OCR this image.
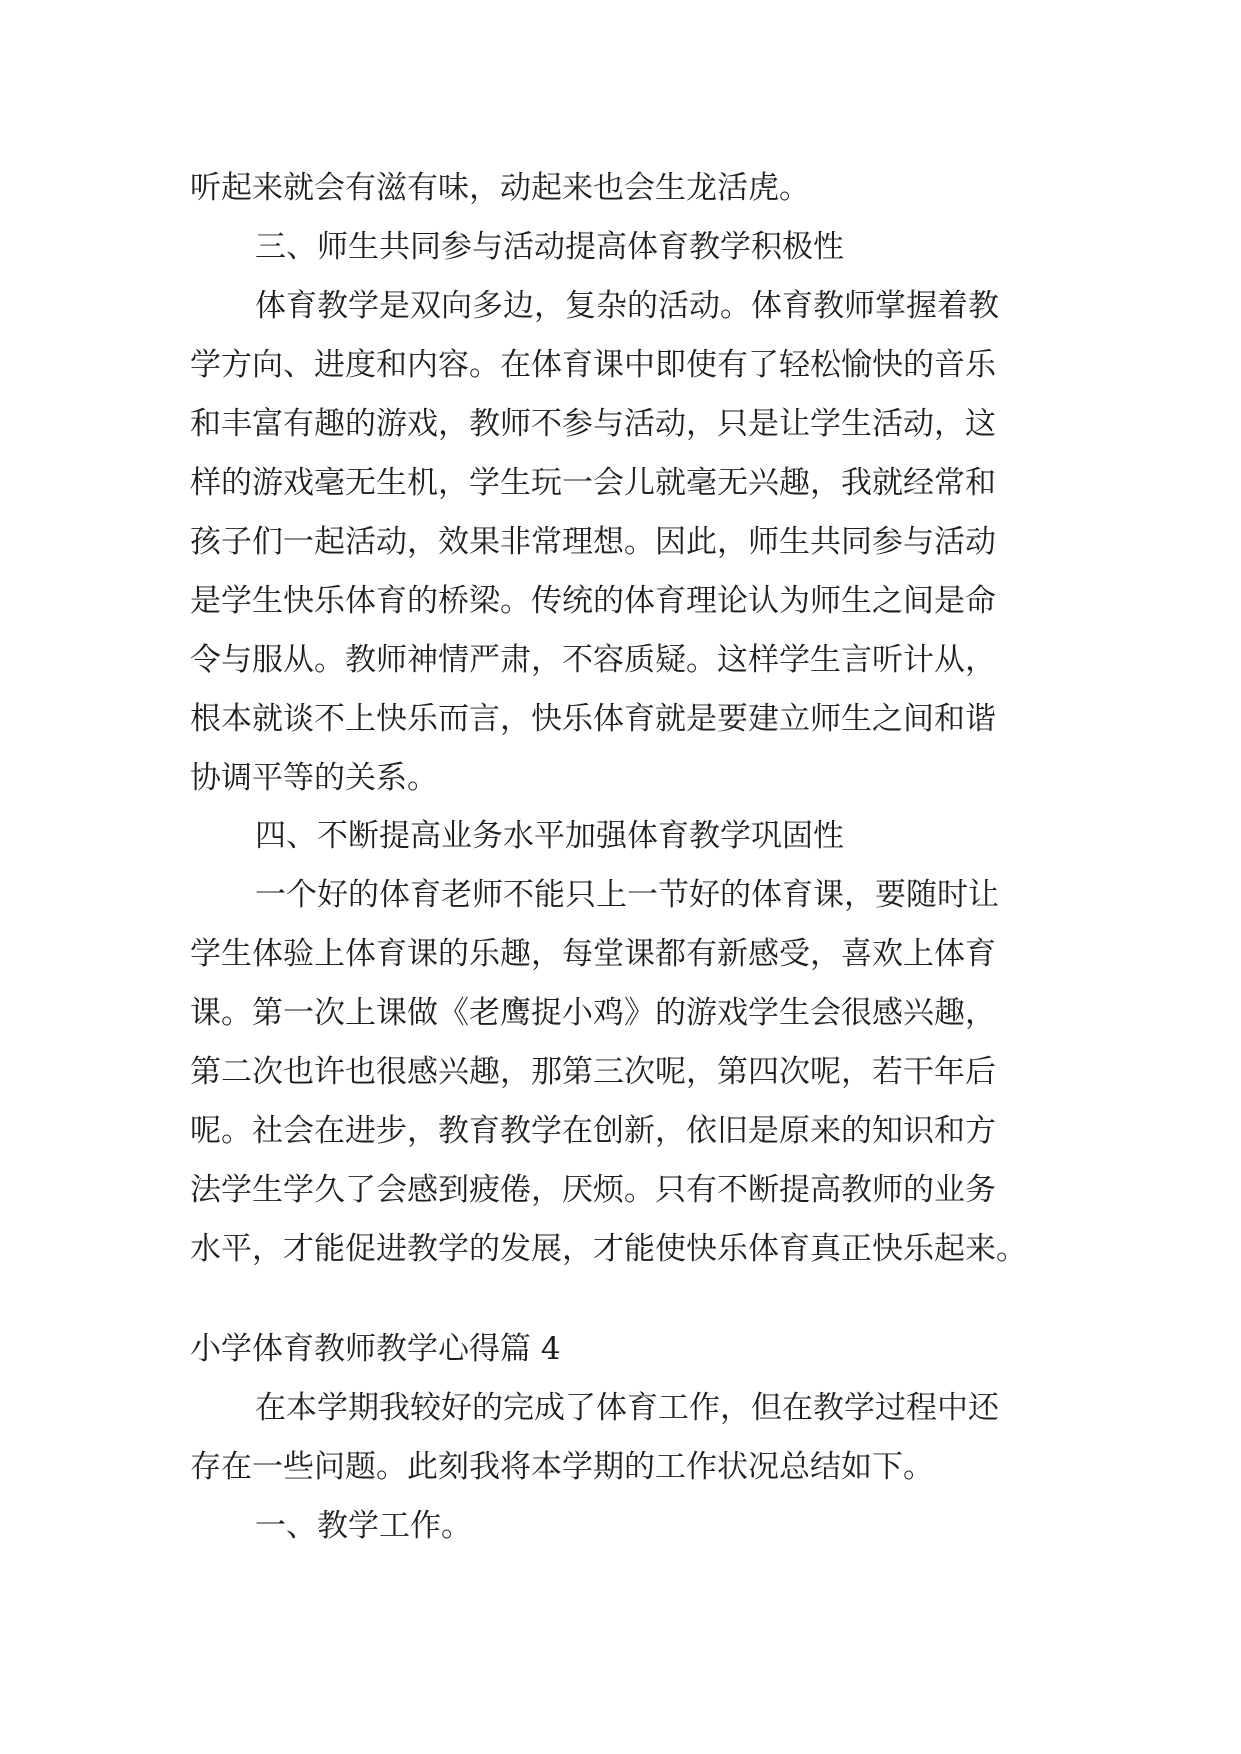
听起来就会有滋有味，动起来也会生龙活虎。

三、师生共同参与活动提高体育教学积极性

体育教学是双向多边，复杂的活动。体育教师掌握着教

学方向、进度和内容。在体育课中即使有了轻松愉快的音乐

和丰富有趣的游戏，教师不参与活动，只是让学生活动，这

样的游戏毫无生机，学生玩一会儿就毫无兴趣，我就经常和

孩子们一起活动，效果非常理想。因此，师生共同参与活动

是学生快乐体育的桥梁。传统的体育理论认为师生之间是命

令与服从。教师神情严肃，不容质疑。这样学生言听计从，

根本就谈不上快乐而言，快乐体育就是要建立师生之间和谐

协调平等的关系。

四、不断提高业务水平加强体育教学巩固性

一个好的体育老师不能只上一节好的体育课，要随时让

学生体验上体育课的乐趣，每堂课都有新感受，喜欢上体育

课。第一次上课做《老鹰捉小鸡》的游戏学生会很感兴趣，

第二次也许也很感兴趣，那第三次呢，第四次呢，若干年后

呢。社会在进步，教育教学在创新，依旧是原来的知识和方

法学生学久了会感到疲倦，厌烦。只有不断提高教师的业务

水平，才能促进教学的发展，才能使快乐体育真正快乐起来。

小学体育教师教学心得篇 4

在本学期我较好的完成了体育工作，但在教学过程中还

存在一些问题。此刻我将本学期的工作状况总结如下。

一、教学工作。
